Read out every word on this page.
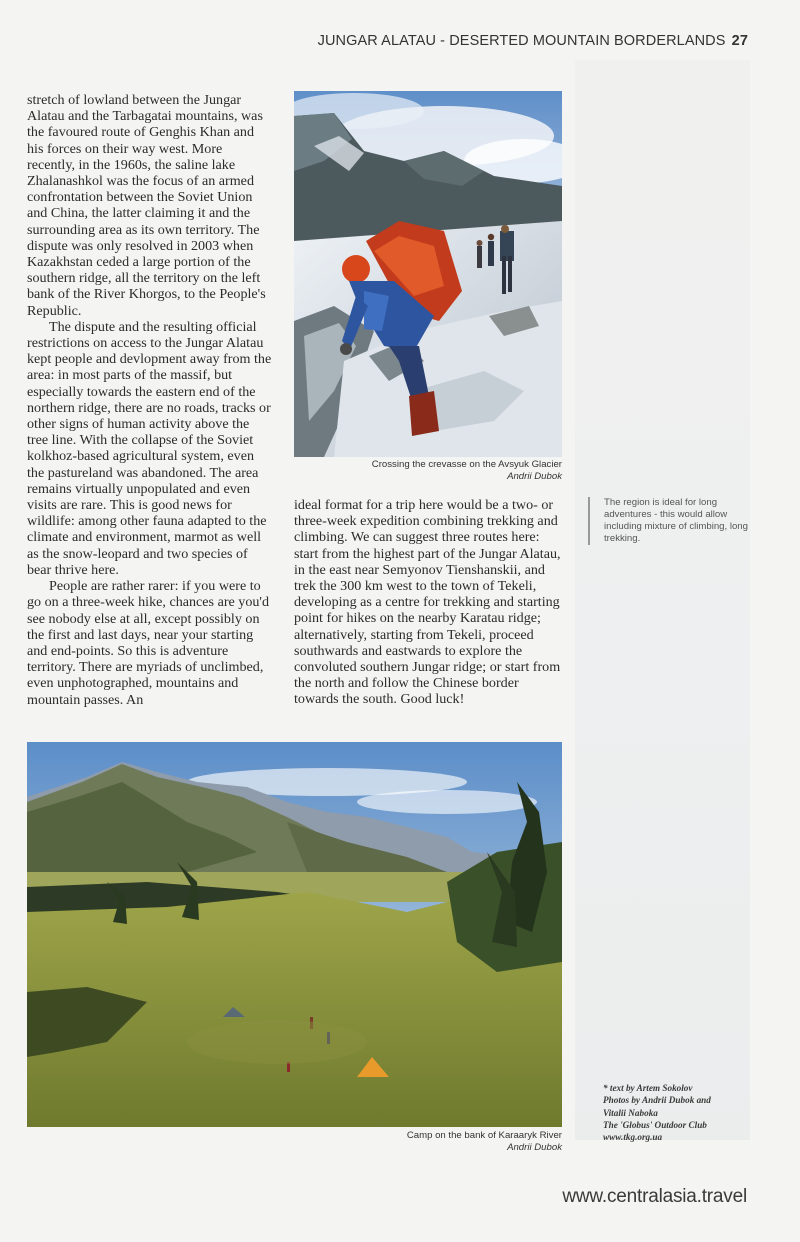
JUNGAR ALATAU - DESERTED MOUNTAIN BORDERLANDS 27

stretch of lowland between the Jungar Alatau and the Tarbagatai mountains, was the favoured route of Genghis Khan and his forces on their way west. More recently, in the 1960s, the saline lake Zhalanashkol was the focus of an armed confrontation between the Soviet Union and China, the latter claiming it and the surrounding area as its own territory. The dispute was only resolved in 2003 when Kazakhstan ceded a large portion of the southern ridge, all the territory on the left bank of the River Khorgos, to the People's Republic.

The dispute and the resulting official restrictions on access to the Jungar Alatau kept people and devlopment away from the area: in most parts of the massif, but especially towards the eastern end of the northern ridge, there are no roads, tracks or other signs of human activity above the tree line. With the collapse of the Soviet kolkhoz-based agricultural system, even the pastureland was abandoned. The area remains virtually unpopulated and even visits are rare. This is good news for wildlife: among other fauna adapted to the climate and environment, marmot as well as the snow-leopard and two species of bear thrive here.

People are rather rarer: if you were to go on a three-week hike, chances are you'd see nobody else at all, except possibly on the first and last days, near your starting and end-points. So this is adventure territory. There are myriads of unclimbed, even unphotographed, mountains and mountain passes. An

Crossing the crevasse on the Avsyuk Glacier
Andrii Dubok

ideal format for a trip here would be a two- or three-week expedition combining trekking and climbing. We can suggest three routes here: start from the highest part of the Jungar Alatau, in the east near Semyonov Tienshanskii, and trek the 300 km west to the town of Tekeli, developing as a centre for trekking and starting point for hikes on the nearby Karatau ridge; alternatively, starting from Tekeli, proceed southwards and eastwards to explore the convoluted southern Jungar ridge; or start from the north and follow the Chinese border towards the south. Good luck!

The region is ideal for long adventures - this would allow including mixture of climbing, long trekking.
Camp on the bank of Karaaryk River
Andrii Dubok
* text by Artem Sokolov
Photos by Andrii Dubok and
Vitalii Naboka
The 'Globus' Outdoor Club
www.tkg.org.ua
www.centralasia.travel
